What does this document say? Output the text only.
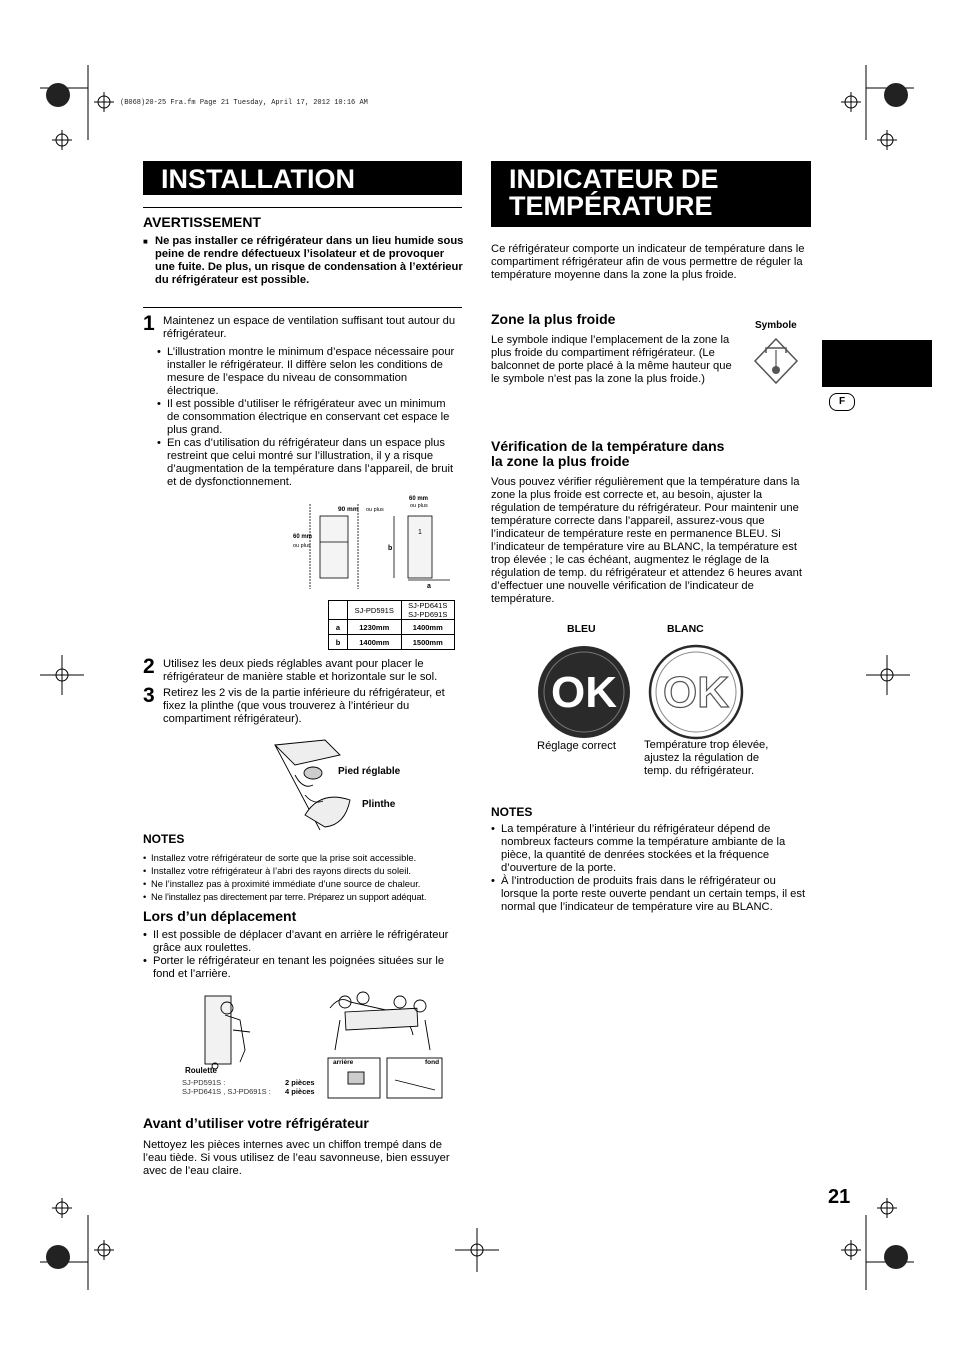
(B068)20-25 Fra.fm Page 21 Tuesday, April 17, 2012 10:16 AM
F
INSTALLATION
AVERTISSEMENT
■ Ne pas installer ce réfrigérateur dans un lieu humide sous peine de rendre défectueux l’isolateur et de provoquer une fuite. De plus, un risque de condensation à l’extérieur du réfrigérateur est possible.
1 Maintenez un espace de ventilation suffisant tout autour du réfrigérateur.
• L’illustration montre le minimum d’espace nécessaire pour installer le réfrigérateur. Il diffère selon les conditions de mesure de l’espace du niveau de consommation électrique.
• Il est possible d’utiliser le réfrigérateur avec un minimum de consommation électrique en conservant cet espace le plus grand.
• En cas d’utilisation du réfrigérateur dans un espace plus restreint que celui montré sur l’illustration, il y a risque d’augmentation de la température dans l’appareil, de bruit et de dysfonctionnement.
90 mm ou plus
60 mm
ou plus
60 mm
ou plus
b
a
1
	SJ-PD591S	SJ-PD641S
SJ-PD691S
a	1230mm	1400mm
b	1400mm	1500mm
2 Utilisez les deux pieds réglables avant pour placer le réfrigérateur de manière stable et horizontale sur le sol.
3 Retirez les 2 vis de la partie inférieure du réfrigérateur, et fixez la plinthe (que vous trouverez à l’intérieur du compartiment réfrigérateur).
Pied réglable
Plinthe
NOTES
• Installez votre réfrigérateur de sorte que la prise soit accessible.
• Installez votre réfrigérateur à l’abri des rayons directs du soleil.
• Ne l’installez pas à proximité immédiate d’une source de chaleur.
• Ne l’installez pas directement par terre. Préparez un support adéquat.
Lors d’un déplacement
• Il est possible de déplacer d’avant en arrière le réfrigérateur grâce aux roulettes.
• Porter le réfrigérateur en tenant les poignées situées sur le fond et l’arrière.
Roulette
arrière	fond
SJ-PD591S :	2 pièces
SJ-PD641S , SJ-PD691S : 4 pièces
Avant d’utiliser votre réfrigérateur
Nettoyez les pièces internes avec un chiffon trempé dans de l’eau tiède. Si vous utilisez de l’eau savonneuse, bien essuyer avec de l’eau claire.
INDICATEUR DE
TEMPÉRATURE
Ce réfrigérateur comporte un indicateur de température dans le compartiment réfrigérateur afin de vous permettre de réguler la température moyenne dans la zone la plus froide.
Zone la plus froide
Le symbole indique l’emplacement de la zone la plus froide du compartiment réfrigérateur. (Le balconnet de porte placé à la même hauteur que le symbole n’est pas la zone la plus froide.)
Symbole
Vérification de la température dans
la zone la plus froide
Vous pouvez vérifier régulièrement que la température dans la zone la plus froide est correcte et, au besoin, ajuster la régulation de température du réfrigérateur. Pour maintenir une température correcte dans l’appareil, assurez-vous que l’indicateur de température reste en permanence BLEU. Si l’indicateur de température vire au BLANC, la température est trop élevée ; le cas échéant, augmentez le réglage de la régulation de temp. du réfrigérateur et attendez 6 heures avant d’effectuer une nouvelle vérification de l’indicateur de température.
BLEU	BLANC
OK OK
Réglage correct	Température trop élevée, ajustez la régulation de temp. du réfrigérateur.
NOTES
• La température à l’intérieur du réfrigérateur dépend de nombreux facteurs comme la température ambiante de la pièce, la quantité de denrées stockées et la fréquence d’ouverture de la porte.
• À l’introduction de produits frais dans le réfrigérateur ou lorsque la porte reste ouverte pendant un certain temps, il est normal que l’indicateur de température vire au BLANC.
21
